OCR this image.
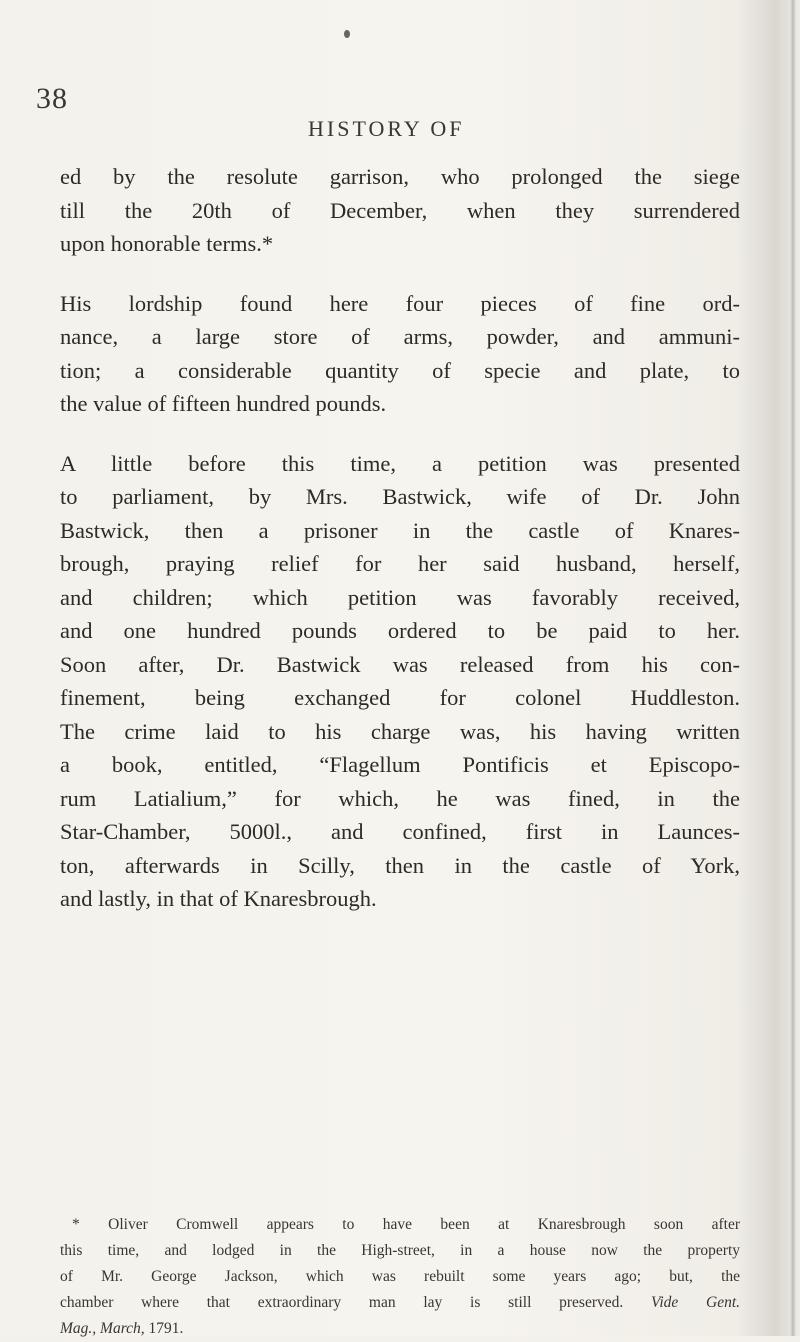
38
HISTORY OF

ed by the resolute garrison, who prolonged the siege

till the 20th of December, when they surrendered

upon honorable terms.*

His lordship found here four pieces of fine ord-

nance, a large store of arms, powder, and ammuni-

tion; a considerable quantity of specie and plate, to

the value of fifteen hundred pounds.

A little before this time, a petition was presented

to parliament, by Mrs. Bastwick, wife of Dr. John

Bastwick, then a prisoner in the castle of Knares-

brough, praying relief for her said husband, herself,

and children; which petition was favorably received,

and one hundred pounds ordered to be paid to her.

Soon after, Dr. Bastwick was released from his con-

finement, being exchanged for colonel Huddleston.

The crime laid to his charge was, his having written

a book, entitled, “Flagellum Pontificis et Episcopo-

rum Latialium,” for which, he was fined, in the

Star-Chamber, 5000l., and confined, first in Launces-

ton, afterwards in Scilly, then in the castle of York,

and lastly, in that of Knaresbrough.

* Oliver Cromwell appears to have been at Knaresbrough soon after

this time, and lodged in the High-street, in a house now the property

of Mr. George Jackson, which was rebuilt some years ago; but, the

chamber where that extraordinary man lay is still preserved. Vide Gent.

Mag., March, 1791.
